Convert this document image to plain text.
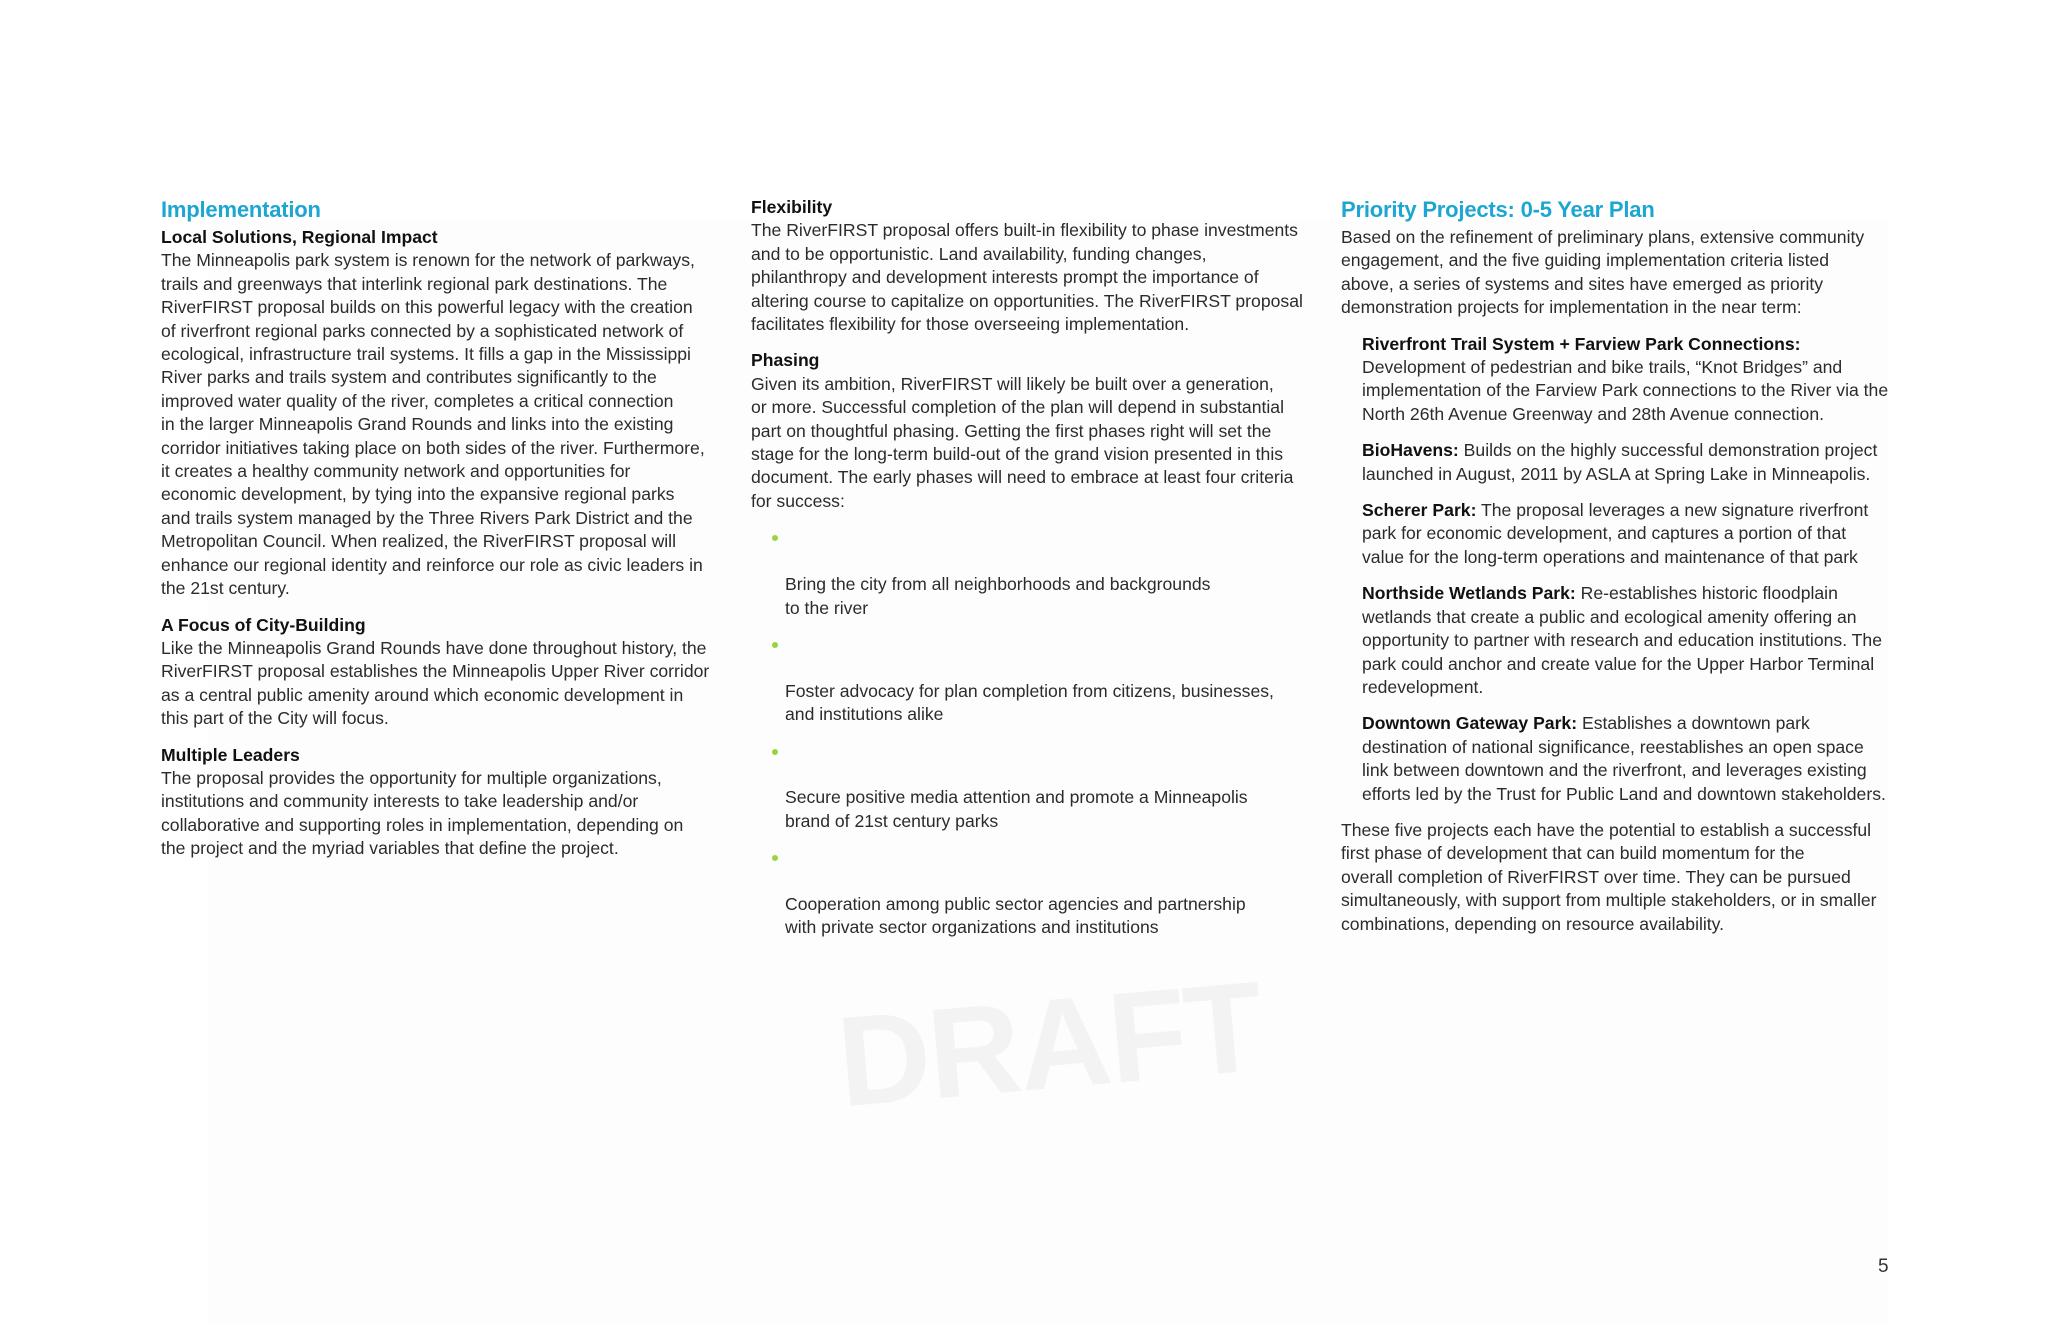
DRAFT
Implementation
Local Solutions, Regional Impact

The Minneapolis park system is renown for the network of parkways,
trails and greenways that interlink regional park destinations. The
RiverFIRST proposal builds on this powerful legacy with the creation
of riverfront regional parks connected by a sophisticated network of
ecological, infrastructure trail systems. It fills a gap in the Mississippi
River parks and trails system and contributes significantly to the
improved water quality of the river, completes a critical connection
in the larger Minneapolis Grand Rounds and links into the existing
corridor initiatives taking place on both sides of the river. Furthermore,
it creates a healthy community network and opportunities for
economic development, by tying into the expansive regional parks
and trails system managed by the Three Rivers Park District and the
Metropolitan Council. When realized, the RiverFIRST proposal will
enhance our regional identity and reinforce our role as civic leaders in
the 21st century.

A Focus of City-Building

Like the Minneapolis Grand Rounds have done throughout history, the
RiverFIRST proposal establishes the Minneapolis Upper River corridor
as a central public amenity around which economic development in
this part of the City will focus.

Multiple Leaders

The proposal provides the opportunity for multiple organizations,
institutions and community interests to take leadership and/or
collaborative and supporting roles in implementation, depending on
the project and the myriad variables that define the project.

Flexibility

The RiverFIRST proposal offers built-in flexibility to phase investments
and to be opportunistic. Land availability, funding changes,
philanthropy and development interests prompt the importance of
altering course to capitalize on opportunities. The RiverFIRST proposal
facilitates flexibility for those overseeing implementation.

Phasing

Given its ambition, RiverFIRST will likely be built over a generation,
or more. Successful completion of the plan will depend in substantial
part on thoughtful phasing. Getting the first phases right will set the
stage for the long-term build-out of the grand vision presented in this
document. The early phases will need to embrace at least four criteria
for success:

Bring the city from all neighborhoods and backgrounds
to the river

Foster advocacy for plan completion from citizens, businesses,
and institutions alike

Secure positive media attention and promote a Minneapolis
brand of 21st century parks

Cooperation among public sector agencies and partnership
with private sector organizations and institutions

Priority Projects: 0-5 Year Plan

Based on the refinement of preliminary plans, extensive community
engagement, and the five guiding implementation criteria listed
above, a series of systems and sites have emerged as priority
demonstration projects for implementation in the near term:

Riverfront Trail System + Farview Park Connections:
Development of pedestrian and bike trails, “Knot Bridges” and
implementation of the Farview Park connections to the River via the
North 26th Avenue Greenway and 28th Avenue connection.

BioHavens: Builds on the highly successful demonstration project
launched in August, 2011 by ASLA at Spring Lake in Minneapolis.

Scherer Park: The proposal leverages a new signature riverfront
park for economic development, and captures a portion of that
value for the long-term operations and maintenance of that park

Northside Wetlands Park: Re-establishes historic floodplain
wetlands that create a public and ecological amenity offering an
opportunity to partner with research and education institutions. The
park could anchor and create value for the Upper Harbor Terminal
redevelopment.

Downtown Gateway Park: Establishes a downtown park
destination of national significance, reestablishes an open space
link between downtown and the riverfront, and leverages existing
efforts led by the Trust for Public Land and downtown stakeholders.

These five projects each have the potential to establish a successful
first phase of development that can build momentum for the
overall completion of RiverFIRST over time. They can be pursued
simultaneously, with support from multiple stakeholders, or in smaller
combinations, depending on resource availability.

5
